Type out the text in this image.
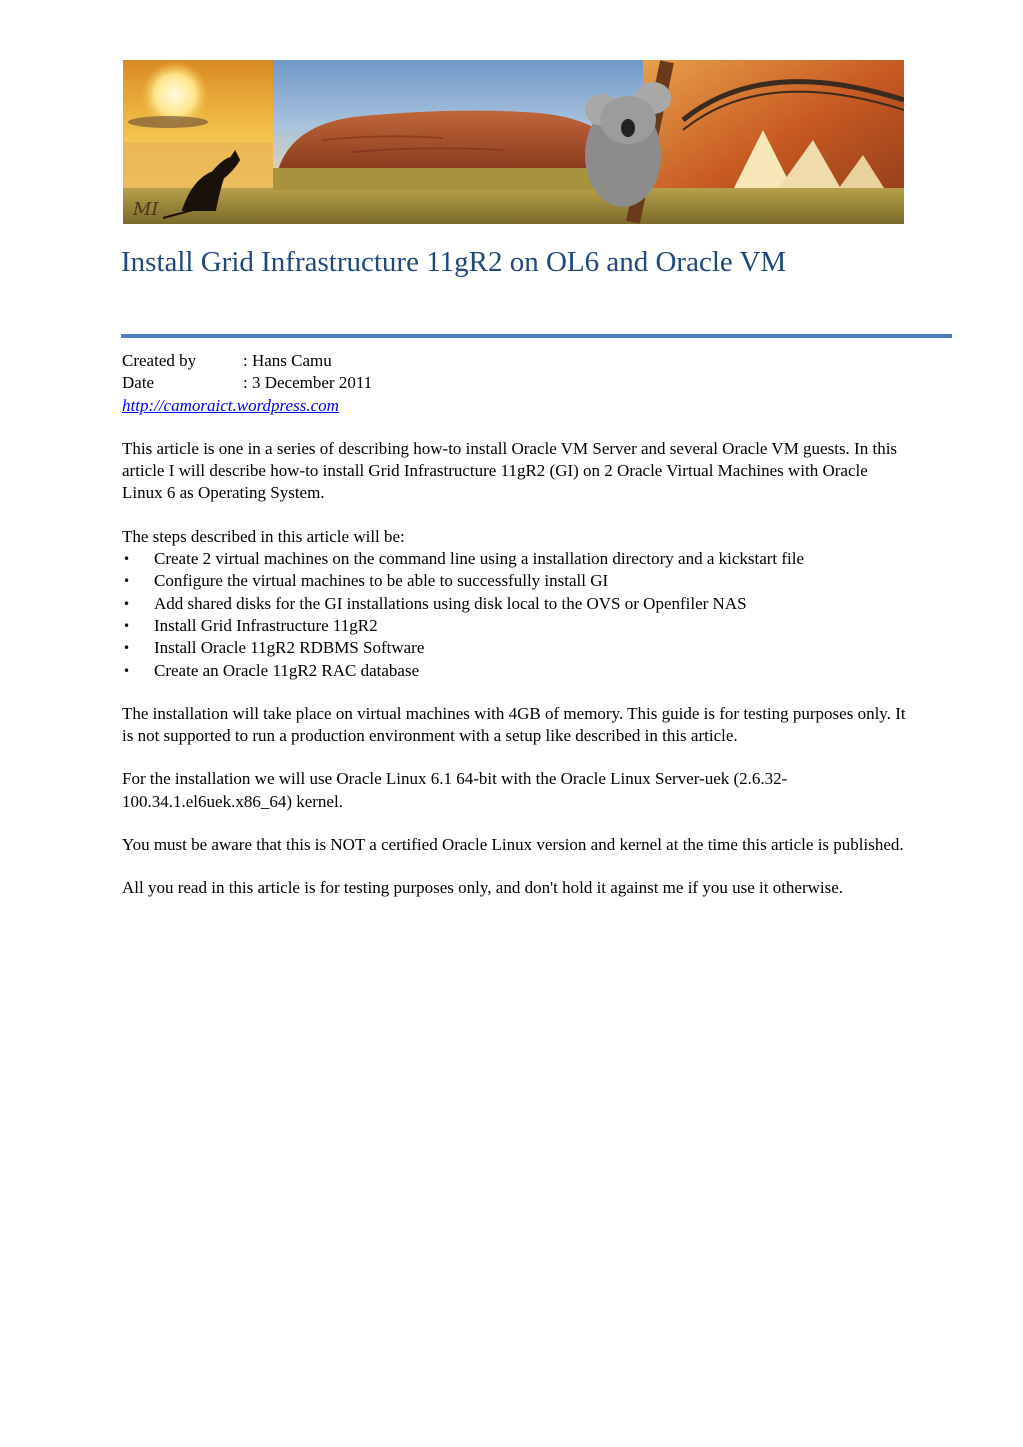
MI
Install Grid Infrastructure 11gR2 on OL6 and Oracle VM
Created by	: Hans Camu
Date	: 3 December 2011
http://camoraict.wordpress.com

This article is one in a series of describing how-to install Oracle VM Server and several Oracle VM guests. In this article I will describe how-to install Grid Infrastructure 11gR2 (GI) on 2 Oracle Virtual Machines with Oracle Linux 6 as Operating System.

The steps described in this article will be:

•	Create 2 virtual machines on the command line using a installation directory and a kickstart file
•	Configure the virtual machines to be able to successfully install GI
•	Add shared disks for the GI installations using disk local to the OVS or Openfiler NAS
•	Install Grid Infrastructure 11gR2
•	Install Oracle 11gR2 RDBMS Software
•	Create an Oracle 11gR2 RAC database

The installation will take place on virtual machines with 4GB of memory. This guide is for testing purposes only. It is not supported to run a production environment with a setup like described in this article.

For the installation we will use Oracle Linux 6.1 64-bit with the Oracle Linux Server-uek (2.6.32-100.34.1.el6uek.x86_64) kernel.

You must be aware that this is NOT a certified Oracle Linux version and kernel at the time this article is published.

All you read in this article is for testing purposes only, and don't hold it against me if you use it otherwise.
